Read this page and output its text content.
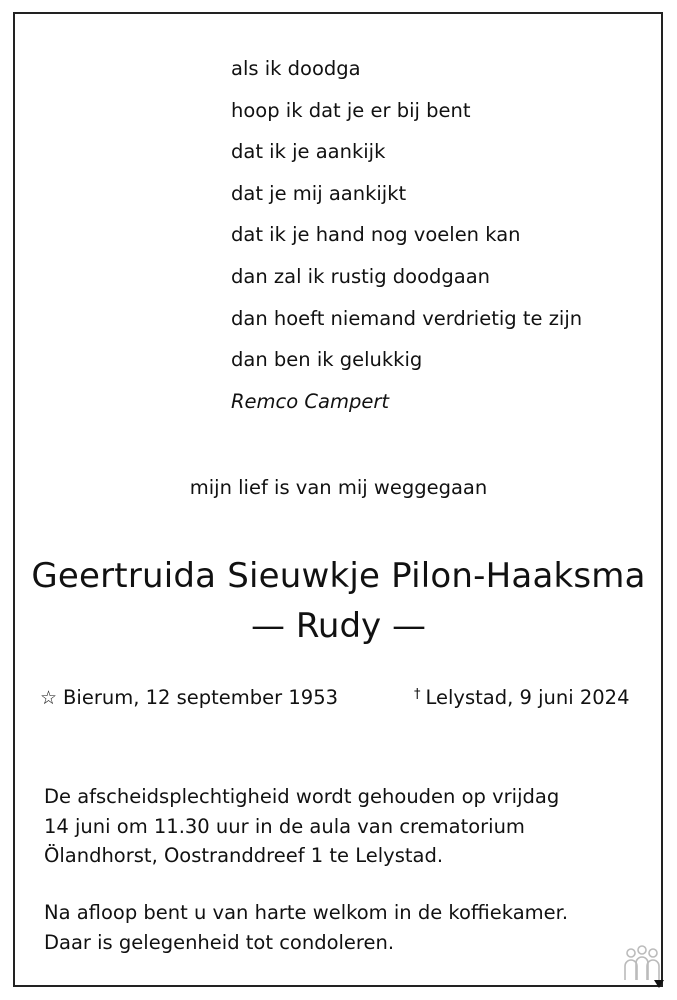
als ik doodga
hoop ik dat je er bij bent
dat ik je aankijk
dat je mij aankijkt
dat ik je hand nog voelen kan
dan zal ik rustig doodgaan
dan hoeft niemand verdrietig te zijn
dan ben ik gelukkig
Remco Campert
mijn lief is van mij weggegaan
Geertruida Sieuwkje Pilon-Haaksma
— Rudy —
☆ Bierum, 12 september 1953	† Lelystad, 9 juni 2024
De afscheidsplechtigheid wordt gehouden op vrijdag
14 juni om 11.30 uur in de aula van crematorium
Ölandhorst, Oostranddreef 1 te Lelystad.
Na afloop bent u van harte welkom in de koffiekamer.
Daar is gelegenheid tot condoleren.
